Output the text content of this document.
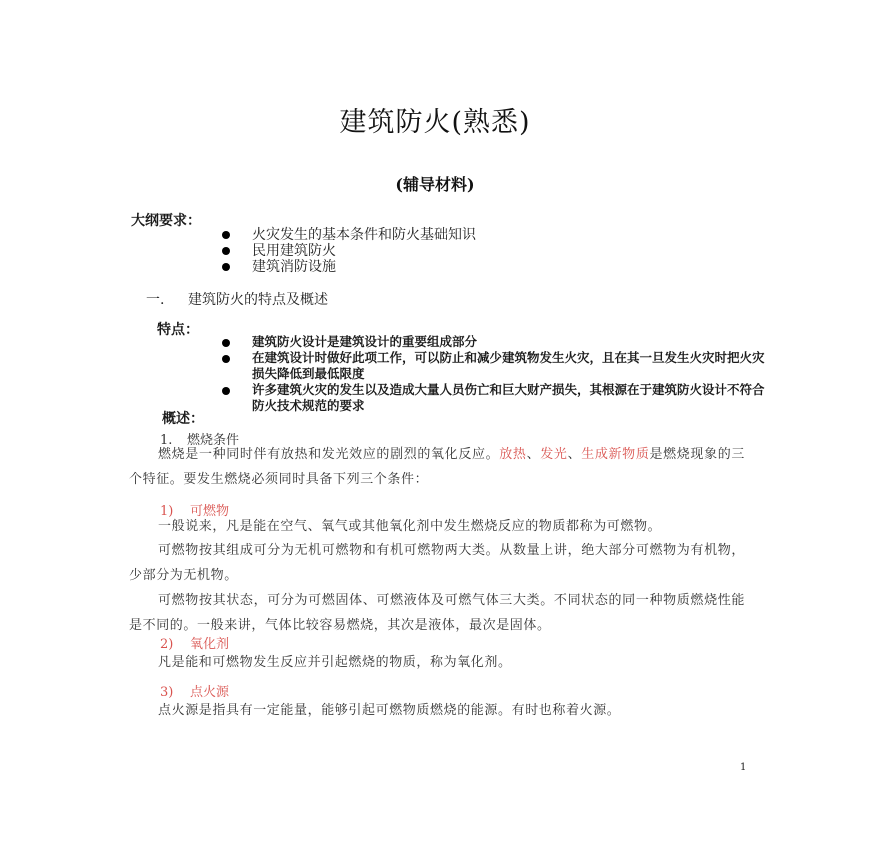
建筑防火(熟悉)
(辅导材料)
大纲要求：
火灾发生的基本条件和防火基础知识
民用建筑防火
建筑消防设施
一. 建筑防火的特点及概述
特点：
建筑防火设计是建筑设计的重要组成部分
在建筑设计时做好此项工作，可以防止和减少建筑物发生火灾，且在其一旦发生火灾时把火灾损失降低到最低限度
许多建筑火灾的发生以及造成大量人员伤亡和巨大财产损失，其根源在于建筑防火设计不符合防火技术规范的要求
概述：
1. 燃烧条件

燃烧是一种同时伴有放热和发光效应的剧烈的氧化反应。放热、发光、生成新物质是燃烧现象的三个特征。要发生燃烧必须同时具备下列三个条件：

1) 可燃物

一般说来，凡是能在空气、氧气或其他氧化剂中发生燃烧反应的物质都称为可燃物。

可燃物按其组成可分为无机可燃物和有机可燃物两大类。从数量上讲，绝大部分可燃物为有机物，少部分为无机物。

可燃物按其状态，可分为可燃固体、可燃液体及可燃气体三大类。不同状态的同一种物质燃烧性能是不同的。一般来讲，气体比较容易燃烧，其次是液体，最次是固体。

2) 氧化剂

凡是能和可燃物发生反应并引起燃烧的物质，称为氧化剂。

3) 点火源

点火源是指具有一定能量，能够引起可燃物质燃烧的能源。有时也称着火源。

1
